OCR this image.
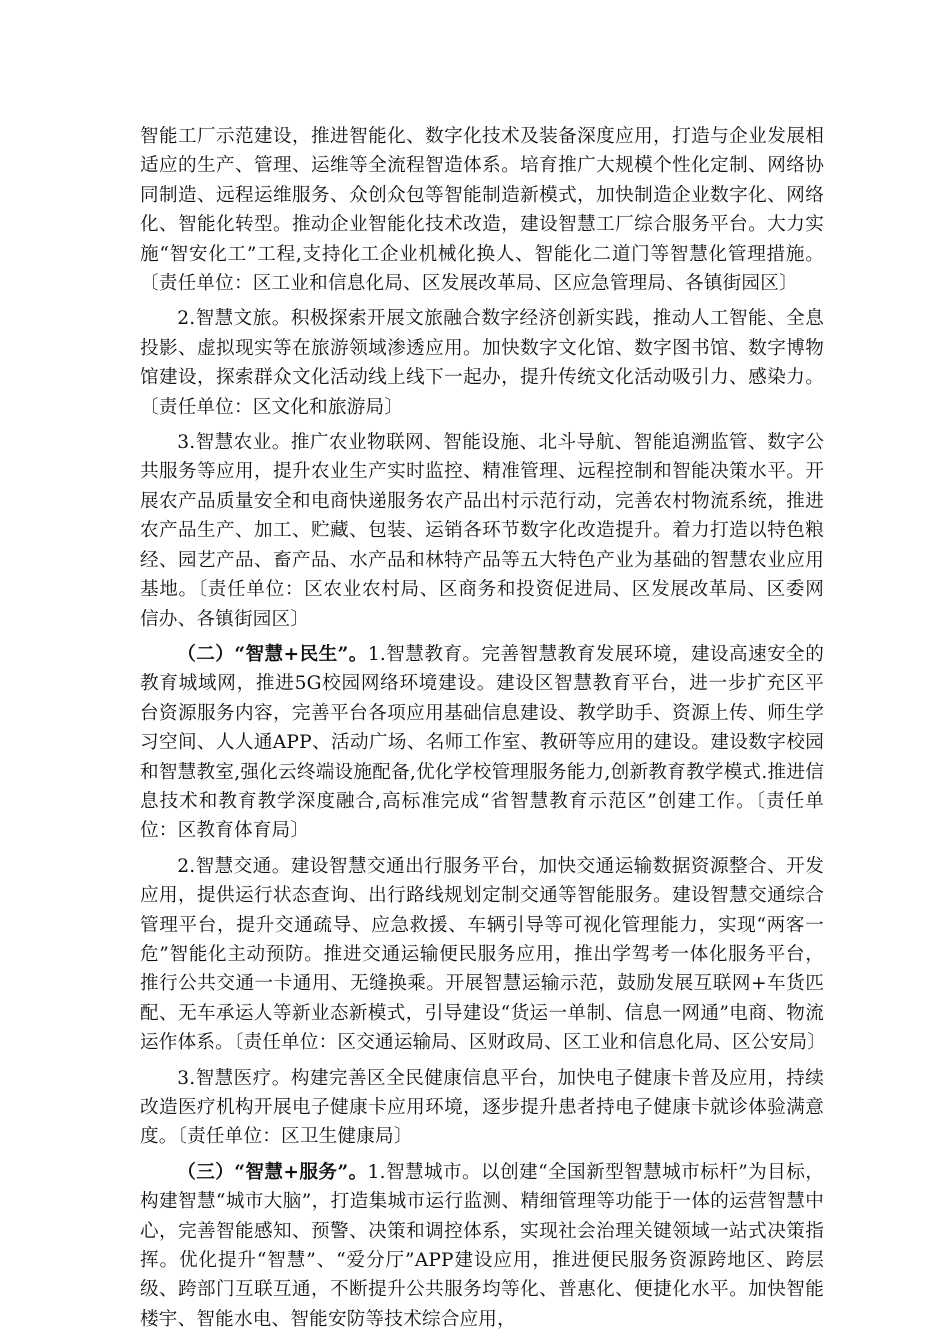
智能工厂示范建设，推进智能化、数字化技术及装备深度应用，打造与企业发展相适应的生产、管理、运维等全流程智造体系。培育推广大规模个性化定制、网络协同制造、远程运维服务、众创众包等智能制造新模式，加快制造企业数字化、网络化、智能化转型。推动企业智能化技术改造，建设智慧工厂综合服务平台。大力实施“智安化工”工程,支持化工企业机械化换人、智能化二道门等智慧化管理措施。〔责任单位：区工业和信息化局、区发展改革局、区应急管理局、各镇街园区〕

2.智慧文旅。积极探索开展文旅融合数字经济创新实践，推动人工智能、全息投影、虚拟现实等在旅游领域渗透应用。加快数字文化馆、数字图书馆、数字博物馆建设，探索群众文化活动线上线下一起办，提升传统文化活动吸引力、感染力。〔责任单位：区文化和旅游局〕

3.智慧农业。推广农业物联网、智能设施、北斗导航、智能追溯监管、数字公共服务等应用，提升农业生产实时监控、精准管理、远程控制和智能决策水平。开展农产品质量安全和电商快递服务农产品出村示范行动，完善农村物流系统，推进农产品生产、加工、贮藏、包装、运销各环节数字化改造提升。着力打造以特色粮经、园艺产品、畜产品、水产品和林特产品等五大特色产业为基础的智慧农业应用基地。〔责任单位：区农业农村局、区商务和投资促进局、区发展改革局、区委网信办、各镇街园区〕

（二）“智慧+民生”。1.智慧教育。完善智慧教育发展环境，建设高速安全的教育城域网，推进5G校园网络环境建设。建设区智慧教育平台，进一步扩充区平台资源服务内容，完善平台各项应用基础信息建设、教学助手、资源上传、师生学习空间、人人通APP、活动广场、名师工作室、教研等应用的建设。建设数字校园和智慧教室,强化云终端设施配备,优化学校管理服务能力,创新教育教学模式.推进信息技术和教育教学深度融合,高标准完成“省智慧教育示范区”创建工作。〔责任单位：区教育体育局〕

2.智慧交通。建设智慧交通出行服务平台，加快交通运输数据资源整合、开发应用，提供运行状态查询、出行路线规划定制交通等智能服务。建设智慧交通综合管理平台，提升交通疏导、应急救援、车辆引导等可视化管理能力，实现“两客一危”智能化主动预防。推进交通运输便民服务应用，推出学驾考一体化服务平台，推行公共交通一卡通用、无缝换乘。开展智慧运输示范，鼓励发展互联网+车货匹配、无车承运人等新业态新模式，引导建设“货运一单制、信息一网通”电商、物流运作体系。〔责任单位：区交通运输局、区财政局、区工业和信息化局、区公安局〕

3.智慧医疗。构建完善区全民健康信息平台，加快电子健康卡普及应用，持续改造医疗机构开展电子健康卡应用环境，逐步提升患者持电子健康卡就诊体验满意度。〔责任单位：区卫生健康局〕

（三）“智慧+服务”。1.智慧城市。以创建“全国新型智慧城市标杆”为目标，构建智慧“城市大脑”，打造集城市运行监测、精细管理等功能于一体的运营智慧中心，完善智能感知、预警、决策和调控体系，实现社会治理关键领域一站式决策指挥。优化提升“智慧”、“爱分厅”APP建设应用，推进便民服务资源跨地区、跨层级、跨部门互联互通，不断提升公共服务均等化、普惠化、便捷化水平。加快智能楼宇、智能水电、智能安防等技术综合应用，
